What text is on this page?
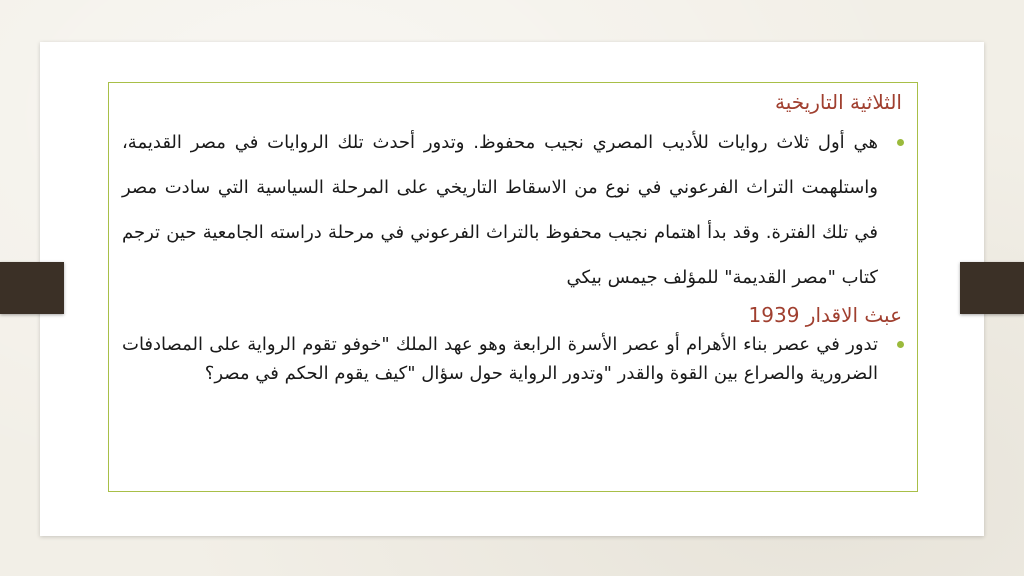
الثلاثية التاريخية

هي أول ثلاث روايات للأديب المصري نجيب محفوظ. وتدور أحدث تلك الروايات في مصر القديمة، واستلهمت التراث الفرعوني في نوع من الاسقاط التاريخي على المرحلة السياسية التي سادت مصر في تلك الفترة. وقد بدأ اهتمام نجيب محفوظ بالتراث الفرعوني في مرحلة دراسته الجامعية حين ترجم كتاب "مصر القديمة" للمؤلف جيمس بيكي

عبث الاقدار 1939

تدور في عصر بناء الأهرام أو عصر الأسرة الرابعة وهو عهد الملك "خوفو تقوم الرواية على المصادفات الضرورية والصراع بين القوة والقدر "وتدور الرواية حول سؤال "كيف يقوم الحكم في مصر؟
